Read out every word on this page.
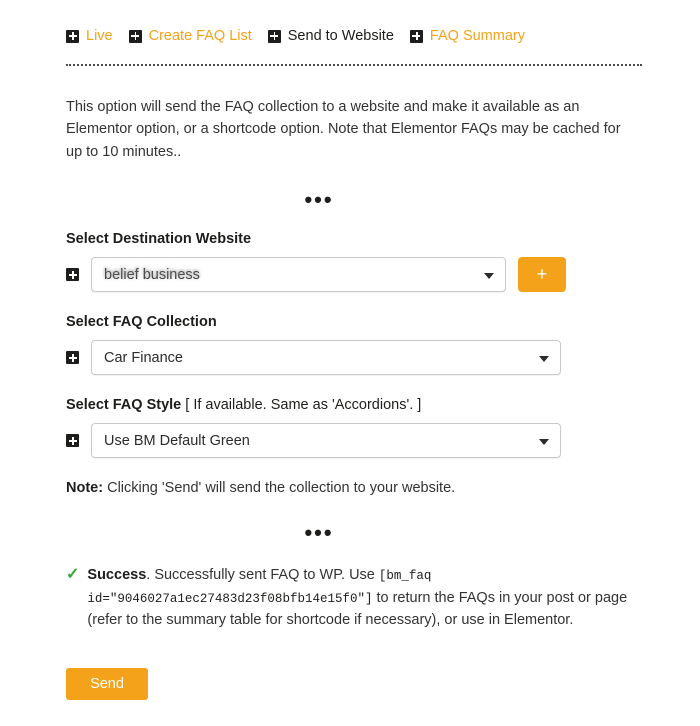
Live Create FAQ List Send to Website FAQ Summary

This option will send the FAQ collection to a website and make it available as an Elementor option, or a shortcode option. Note that Elementor FAQs may be cached for up to 10 minutes..

•••
Select Destination Website
belief business
belief business	+
Select FAQ Collection
Car Finance
Select FAQ Style [ If available. Same as 'Accordions'. ]
Use BM Default Green

Note: Clicking 'Send' will send the collection to your website.

•••
✓ Success. Successfully sent FAQ to WP. Use [bm_faq id="9046027a1ec27483d23f08bfb14e15f0"] to return the FAQs in your post or page (refer to the summary table for shortcode if necessary), or use in Elementor.
Send
